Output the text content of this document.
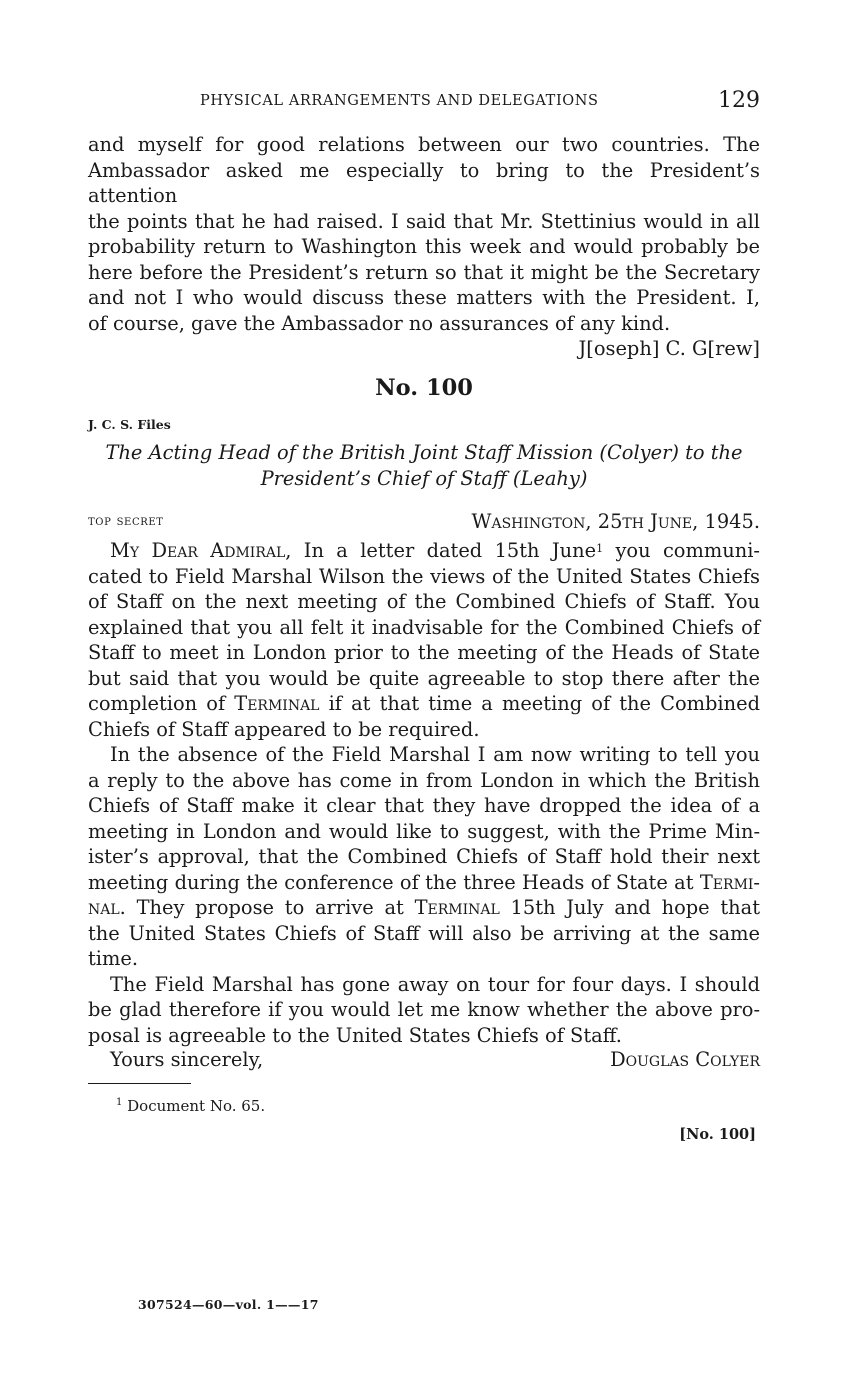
PHYSICAL ARRANGEMENTS AND DELEGATIONS	129
and myself for good relations between our two countries. The
Ambassador asked me especially to bring to the President’s attention
the points that he had raised. I said that Mr. Stettinius would in all
probability return to Washington this week and would probably be
here before the President’s return so that it might be the Secretary
and not I who would discuss these matters with the President. I,
of course, gave the Ambassador no assurances of any kind.
J[oseph] C. G[rew]
No. 100
J. C. S. Files
The Acting Head of the British Joint Staff Mission (Colyer) to the
President’s Chief of Staff (Leahy)
top secret	Washington, 25th June, 1945.
My Dear Admiral, In a letter dated 15th June$^1$ you communi-
cated to Field Marshal Wilson the views of the United States Chiefs
of Staff on the next meeting of the Combined Chiefs of Staff. You
explained that you all felt it inadvisable for the Combined Chiefs of
Staff to meet in London prior to the meeting of the Heads of State
but said that you would be quite agreeable to stop there after the
completion of Terminal if at that time a meeting of the Combined
Chiefs of Staff appeared to be required.
In the absence of the Field Marshal I am now writing to tell you
a reply to the above has come in from London in which the British
Chiefs of Staff make it clear that they have dropped the idea of a
meeting in London and would like to suggest, with the Prime Min-
ister’s approval, that the Combined Chiefs of Staff hold their next
meeting during the conference of the three Heads of State at Termi-
nal. They propose to arrive at Terminal 15th July and hope that
the United States Chiefs of Staff will also be arriving at the same
time.
The Field Marshal has gone away on tour for four days. I should
be glad therefore if you would let me know whether the above pro-
posal is agreeable to the United States Chiefs of Staff.
Yours sincerely,	Douglas Colyer
$^1$ Document No. 65.
[No. 100]
307524—60—vol. 1——17
